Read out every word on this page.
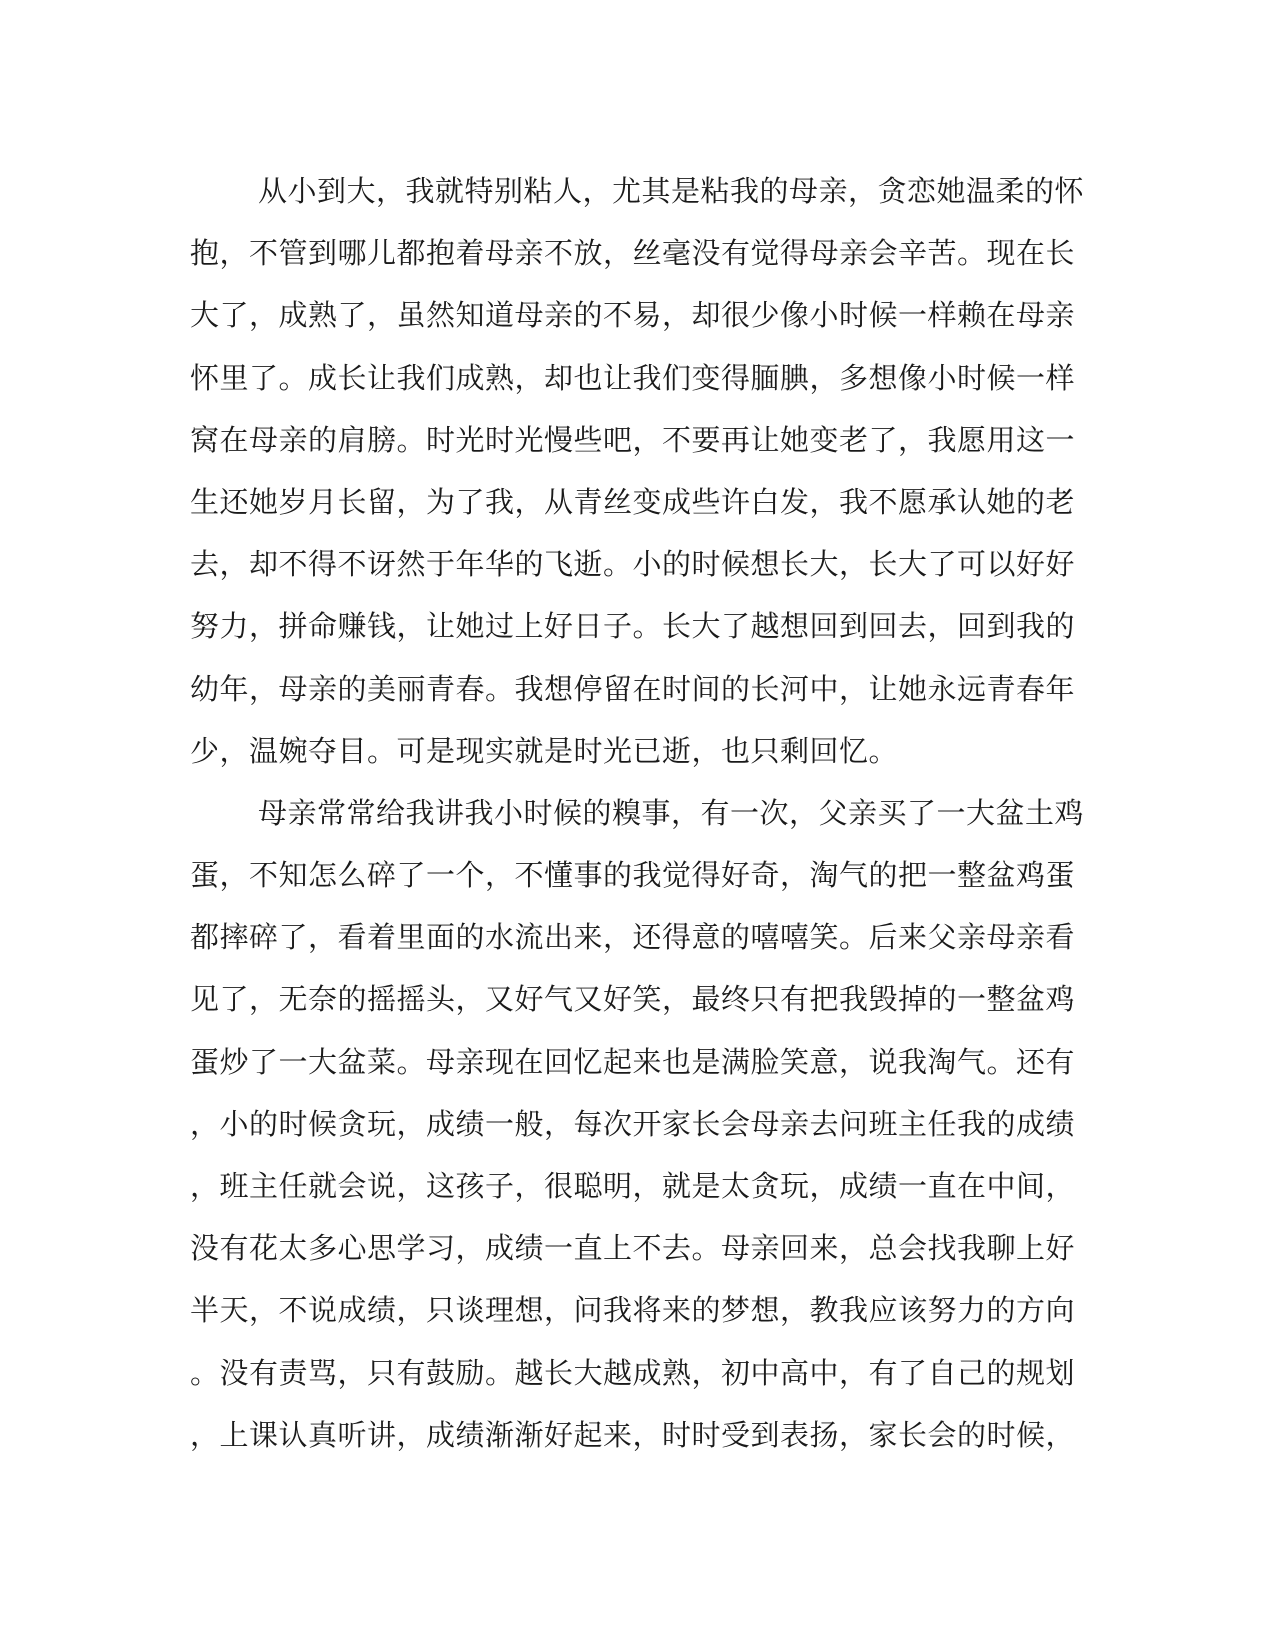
从小到大，我就特别粘人，尤其是粘我的母亲，贪恋她温柔的怀
抱，不管到哪儿都抱着母亲不放，丝毫没有觉得母亲会辛苦。现在长
大了，成熟了，虽然知道母亲的不易，却很少像小时候一样赖在母亲
怀里了。成长让我们成熟，却也让我们变得腼腆，多想像小时候一样
窝在母亲的肩膀。时光时光慢些吧，不要再让她变老了，我愿用这一
生还她岁月长留，为了我，从青丝变成些许白发，我不愿承认她的老
去，却不得不讶然于年华的飞逝。小的时候想长大，长大了可以好好
努力，拼命赚钱，让她过上好日子。长大了越想回到回去，回到我的
幼年，母亲的美丽青春。我想停留在时间的长河中，让她永远青春年
少，温婉夺目。可是现实就是时光已逝，也只剩回忆。
母亲常常给我讲我小时候的糗事，有一次，父亲买了一大盆土鸡
蛋，不知怎么碎了一个，不懂事的我觉得好奇，淘气的把一整盆鸡蛋
都摔碎了，看着里面的水流出来，还得意的嘻嘻笑。后来父亲母亲看
见了，无奈的摇摇头，又好气又好笑，最终只有把我毁掉的一整盆鸡
蛋炒了一大盆菜。母亲现在回忆起来也是满脸笑意，说我淘气。还有
，小的时候贪玩，成绩一般，每次开家长会母亲去问班主任我的成绩
，班主任就会说，这孩子，很聪明，就是太贪玩，成绩一直在中间，
没有花太多心思学习，成绩一直上不去。母亲回来，总会找我聊上好
半天，不说成绩，只谈理想，问我将来的梦想，教我应该努力的方向
。没有责骂，只有鼓励。越长大越成熟，初中高中，有了自己的规划
，上课认真听讲，成绩渐渐好起来，时时受到表扬，家长会的时候，
